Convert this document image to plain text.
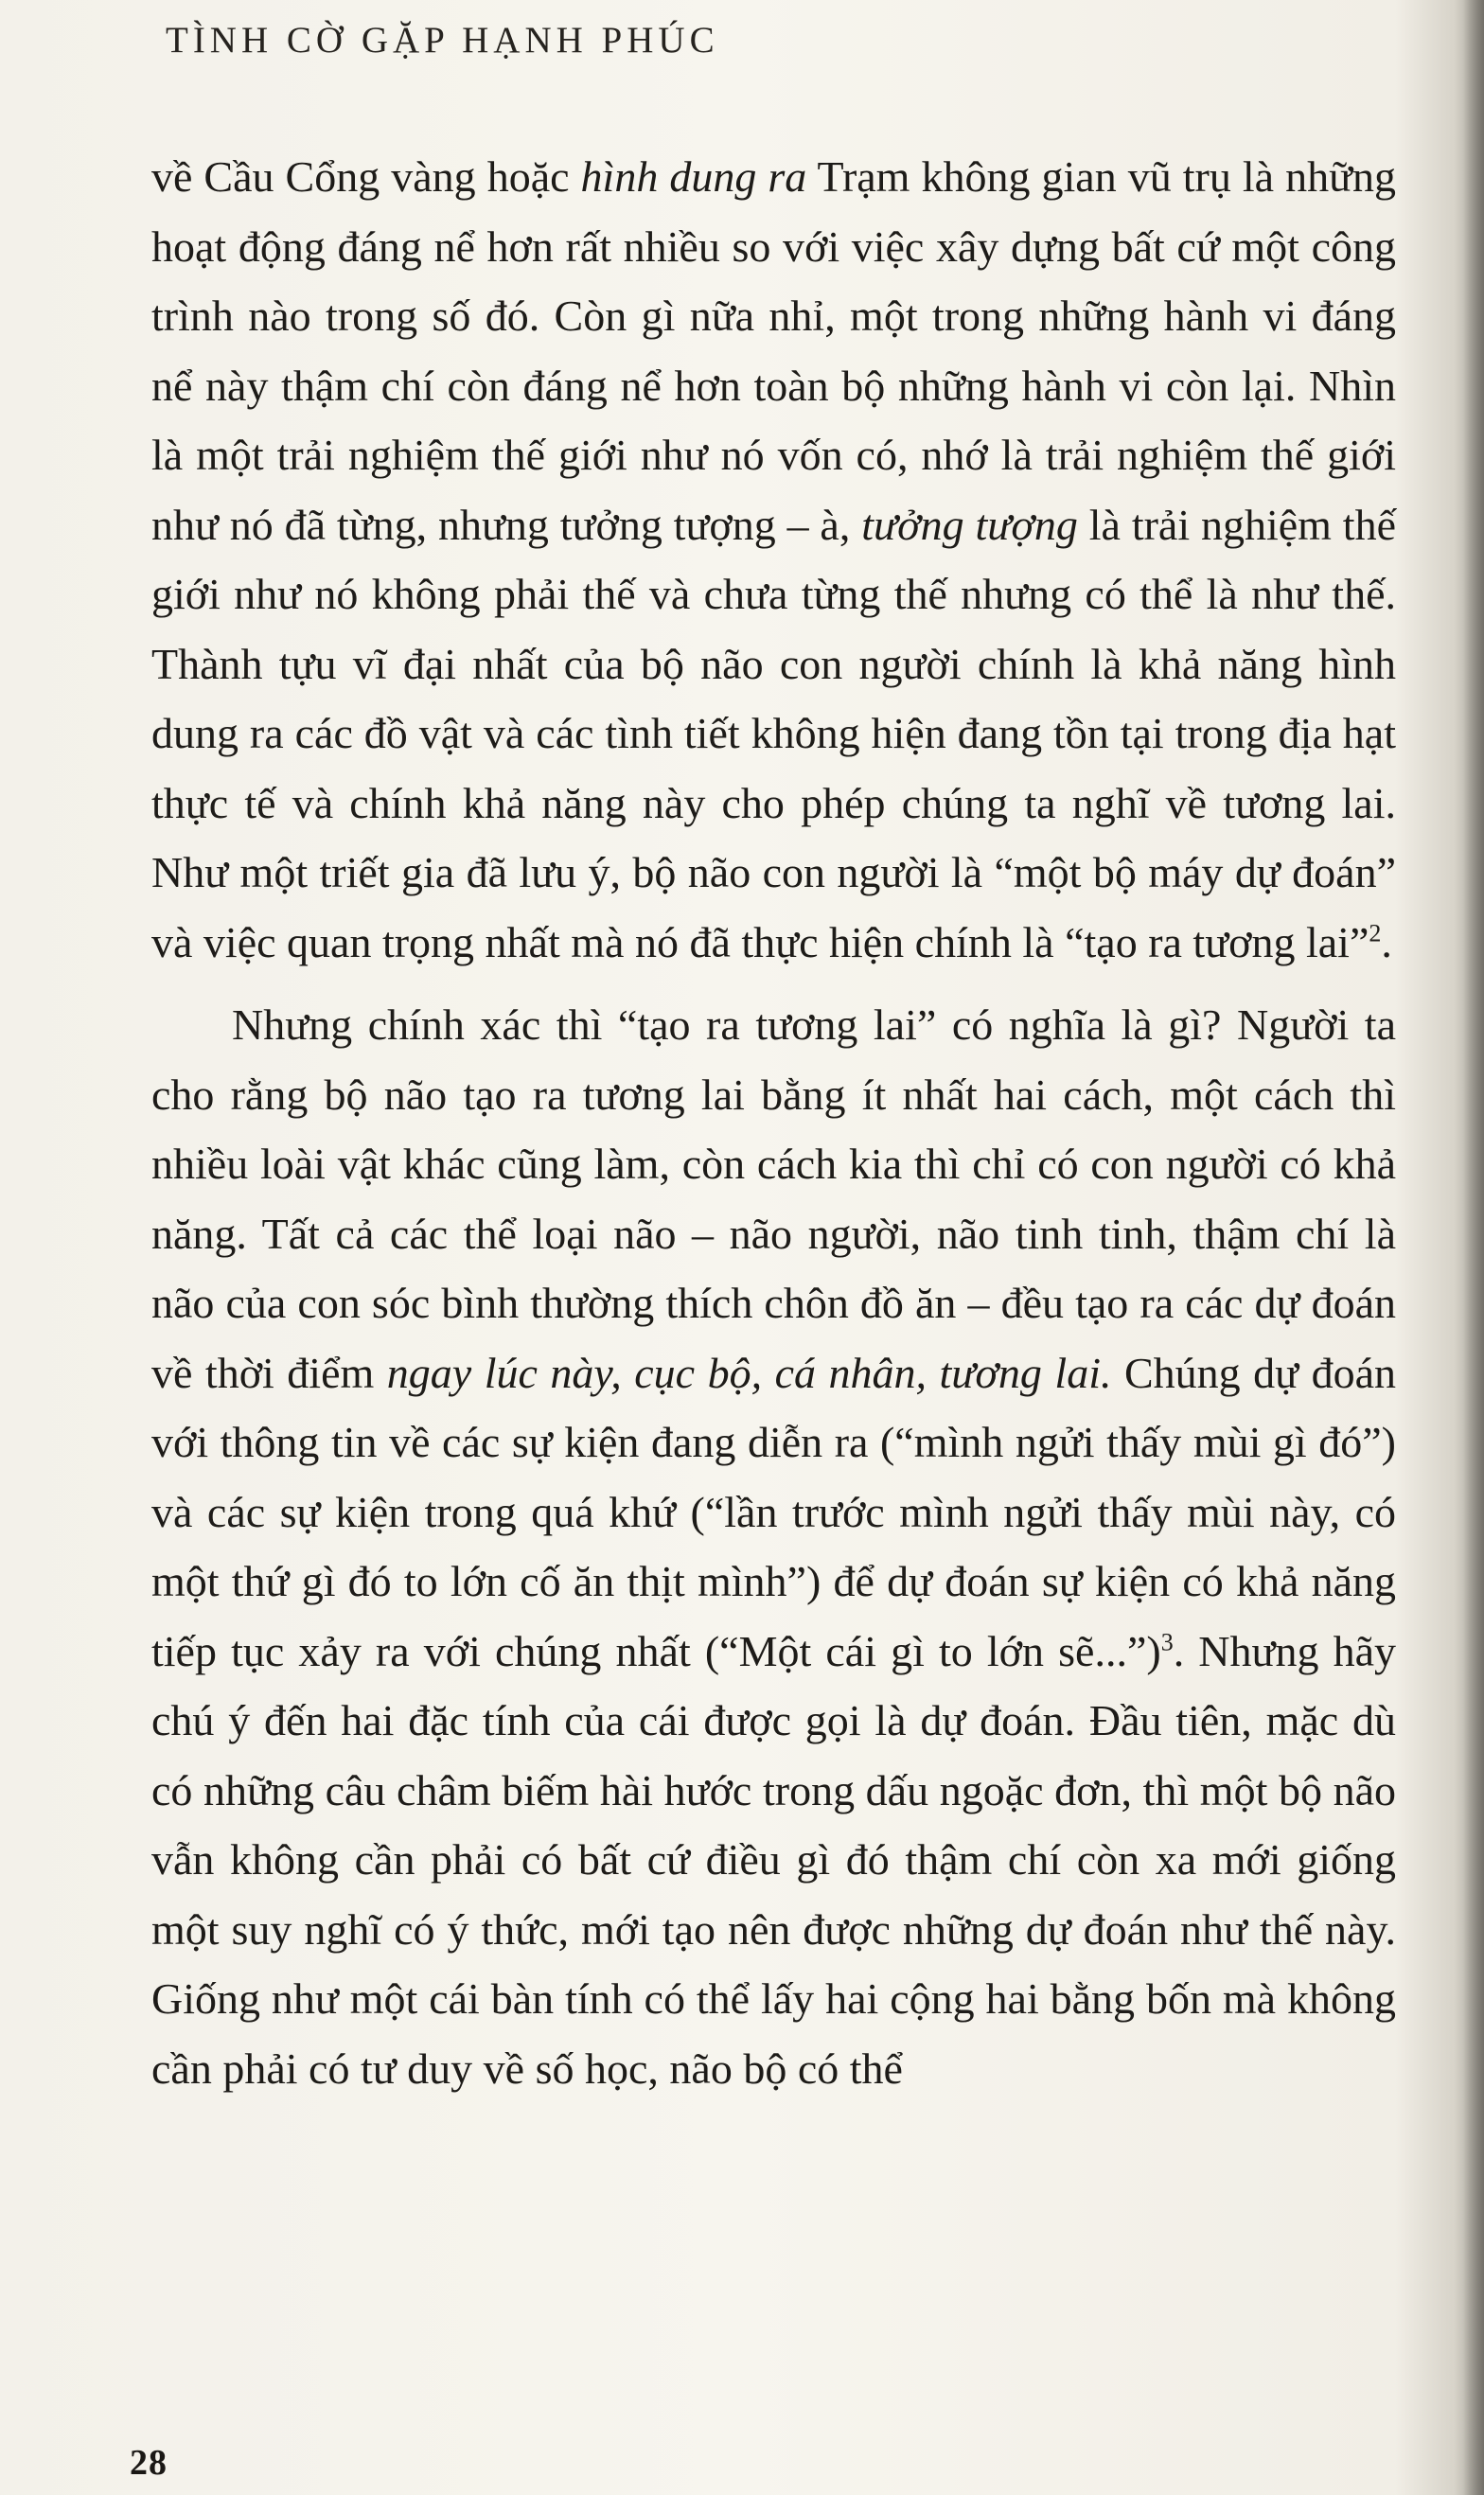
TÌNH CỜ GẶP HẠNH PHÚC

về Cầu Cổng vàng hoặc hình dung ra Trạm không gian vũ trụ là những hoạt động đáng nể hơn rất nhiều so với việc xây dựng bất cứ một công trình nào trong số đó. Còn gì nữa nhỉ, một trong những hành vi đáng nể này thậm chí còn đáng nể hơn toàn bộ những hành vi còn lại. Nhìn là một trải nghiệm thế giới như nó vốn có, nhớ là trải nghiệm thế giới như nó đã từng, nhưng tưởng tượng – à, tưởng tượng là trải nghiệm thế giới như nó không phải thế và chưa từng thế nhưng có thể là như thế. Thành tựu vĩ đại nhất của bộ não con người chính là khả năng hình dung ra các đồ vật và các tình tiết không hiện đang tồn tại trong địa hạt thực tế và chính khả năng này cho phép chúng ta nghĩ về tương lai. Như một triết gia đã lưu ý, bộ não con người là “một bộ máy dự đoán” và việc quan trọng nhất mà nó đã thực hiện chính là “tạo ra tương lai”$^2$.

Nhưng chính xác thì “tạo ra tương lai” có nghĩa là gì? Người ta cho rằng bộ não tạo ra tương lai bằng ít nhất hai cách, một cách thì nhiều loài vật khác cũng làm, còn cách kia thì chỉ có con người có khả năng. Tất cả các thể loại não – não người, não tinh tinh, thậm chí là não của con sóc bình thường thích chôn đồ ăn – đều tạo ra các dự đoán về thời điểm ngay lúc này, cục bộ, cá nhân, tương lai. Chúng dự đoán với thông tin về các sự kiện đang diễn ra (“mình ngửi thấy mùi gì đó”) và các sự kiện trong quá khứ (“lần trước mình ngửi thấy mùi này, có một thứ gì đó to lớn cố ăn thịt mình”) để dự đoán sự kiện có khả năng tiếp tục xảy ra với chúng nhất (“Một cái gì to lớn sẽ...”)$^3$. Nhưng hãy chú ý đến hai đặc tính của cái được gọi là dự đoán. Đầu tiên, mặc dù có những câu châm biếm hài hước trong dấu ngoặc đơn, thì một bộ não vẫn không cần phải có bất cứ điều gì đó thậm chí còn xa mới giống một suy nghĩ có ý thức, mới tạo nên được những dự đoán như thế này. Giống như một cái bàn tính có thể lấy hai cộng hai bằng bốn mà không cần phải có tư duy về số học, não bộ có thể

28
